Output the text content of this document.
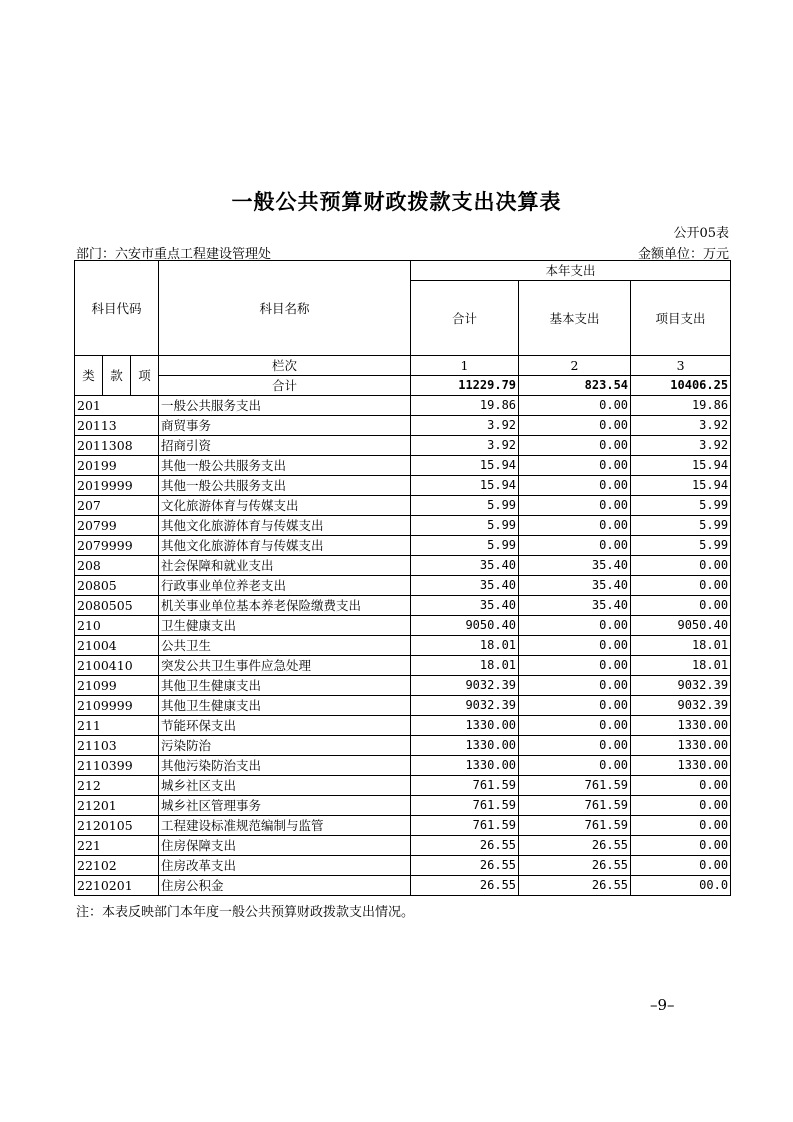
一般公共预算财政拨款支出决算表
公开05表
部门：六安市重点工程建设管理处	金额单位：万元
科目代码			科目名称	本年支出		
				合计	基本支出	项目支出
类	款	项	栏次	1	2	3
			合计	11229.79	823.54	10406.25
201			一般公共服务支出	19.86	0.00	19.86
20113			商贸事务	3.92	0.00	3.92
2011308			招商引资	3.92	0.00	3.92
20199			其他一般公共服务支出	15.94	0.00	15.94
2019999			其他一般公共服务支出	15.94	0.00	15.94
207			文化旅游体育与传媒支出	5.99	0.00	5.99
20799			其他文化旅游体育与传媒支出	5.99	0.00	5.99
2079999			其他文化旅游体育与传媒支出	5.99	0.00	5.99
208			社会保障和就业支出	35.40	35.40	0.00
20805			行政事业单位养老支出	35.40	35.40	0.00
2080505			机关事业单位基本养老保险缴费支出	35.40	35.40	0.00
210			卫生健康支出	9050.40	0.00	9050.40
21004			公共卫生	18.01	0.00	18.01
2100410			突发公共卫生事件应急处理	18.01	0.00	18.01
21099			其他卫生健康支出	9032.39	0.00	9032.39
2109999			其他卫生健康支出	9032.39	0.00	9032.39
211			节能环保支出	1330.00	0.00	1330.00
21103			污染防治	1330.00	0.00	1330.00
2110399			其他污染防治支出	1330.00	0.00	1330.00
212			城乡社区支出	761.59	761.59	0.00
21201			城乡社区管理事务	761.59	761.59	0.00
2120105			工程建设标准规范编制与监管	761.59	761.59	0.00
221			住房保障支出	26.55	26.55	0.00
22102			住房改革支出	26.55	26.55	0.00
2210201			住房公积金	26.55	26.55	00.0
注：本表反映部门本年度一般公共预算财政拨款支出情况。
–9–
